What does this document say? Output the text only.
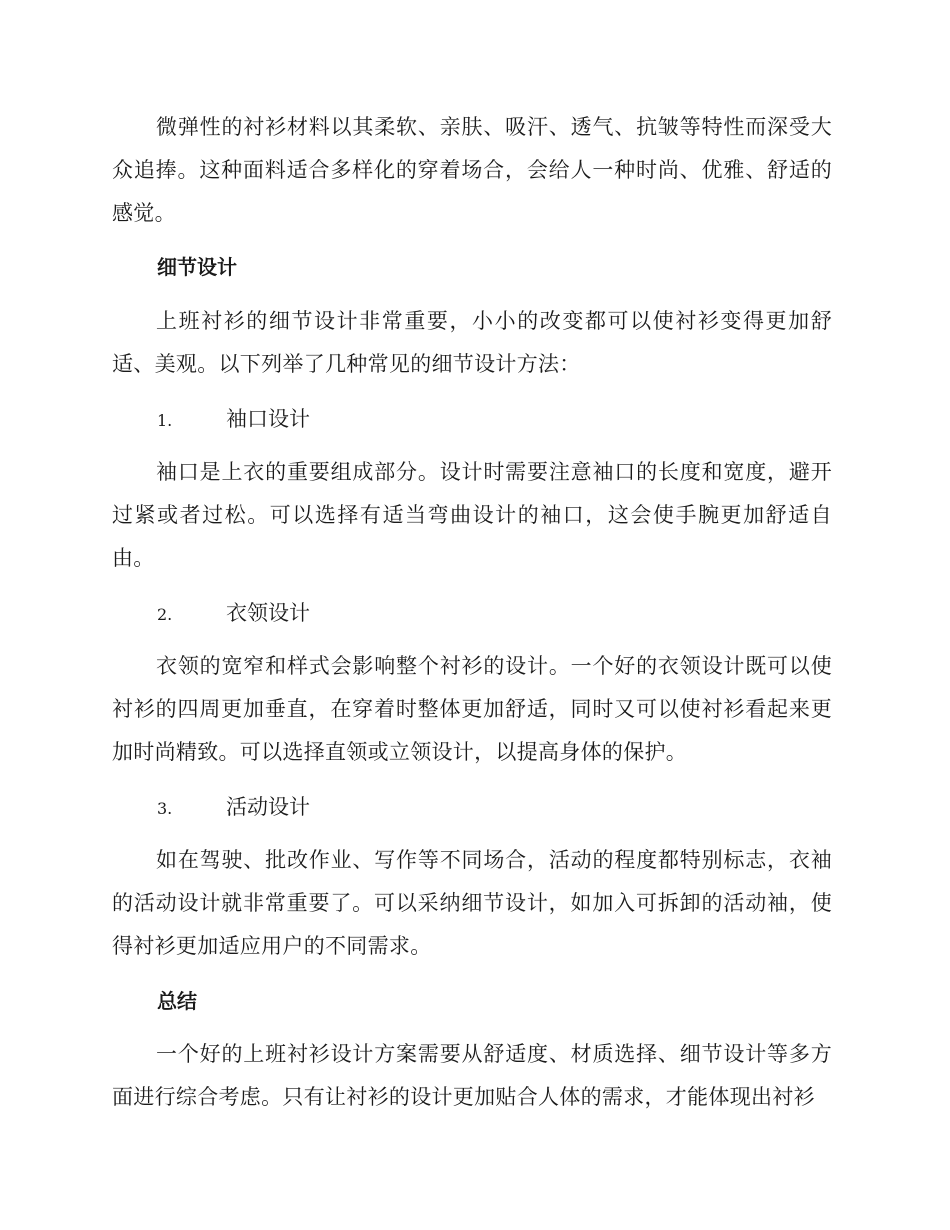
微弹性的衬衫材料以其柔软、亲肤、吸汗、透气、抗皱等特性而深受大众追捧。这种面料适合多样化的穿着场合，会给人一种时尚、优雅、舒适的感觉。

细节设计

上班衬衫的细节设计非常重要，小小的改变都可以使衬衫变得更加舒适、美观。以下列举了几种常见的细节设计方法：

1.	袖口设计

袖口是上衣的重要组成部分。设计时需要注意袖口的长度和宽度，避开过紧或者过松。可以选择有适当弯曲设计的袖口，这会使手腕更加舒适自由。

2.	衣领设计

衣领的宽窄和样式会影响整个衬衫的设计。一个好的衣领设计既可以使衬衫的四周更加垂直，在穿着时整体更加舒适，同时又可以使衬衫看起来更加时尚精致。可以选择直领或立领设计，以提高身体的保护。

3.	活动设计

如在驾驶、批改作业、写作等不同场合，活动的程度都特别标志，衣袖的活动设计就非常重要了。可以采纳细节设计，如加入可拆卸的活动袖，使得衬衫更加适应用户的不同需求。

总结

一个好的上班衬衫设计方案需要从舒适度、材质选择、细节设计等多方面进行综合考虑。只有让衬衫的设计更加贴合人体的需求，才能体现出衬衫
